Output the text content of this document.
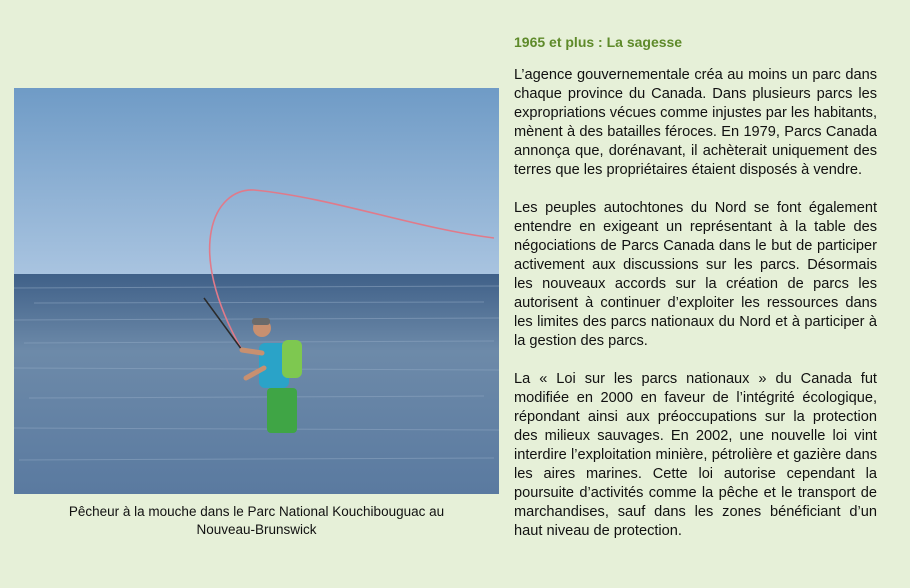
Pêcheur à la mouche dans le Parc National Kouchibouguac au
Nouveau-Brunswick
1965 et plus : La sagesse

L’agence gouvernementale créa au moins un parc dans chaque province du Canada. Dans plusieurs parcs les expropriations vécues comme injustes par les habitants, mènent à des batailles féroces. En 1979, Parcs Canada annonça que, dorénavant, il achèterait uniquement des terres que les propriétaires étaient disposés à vendre.

Les peuples autochtones du Nord se font également entendre en exigeant un représentant à la table des négociations de Parcs Canada dans le but de participer activement aux discussions sur les parcs. Désormais les nouveaux accords sur la création de parcs les autorisent à continuer d’exploiter les ressources dans les limites des parcs nationaux du Nord et à participer à la gestion des parcs.

La « Loi sur les parcs nationaux » du Canada fut modifiée en 2000 en faveur de l’intégrité écologique, répondant ainsi aux préoccupations sur la protection des milieux sauvages. En 2002, une nouvelle loi vint interdire l’exploitation minière, pétrolière et gazière dans les aires marines. Cette loi autorise cependant la poursuite d’activités comme la pêche et le transport de marchandises, sauf dans les zones bénéficiant d’un haut niveau de protection.
